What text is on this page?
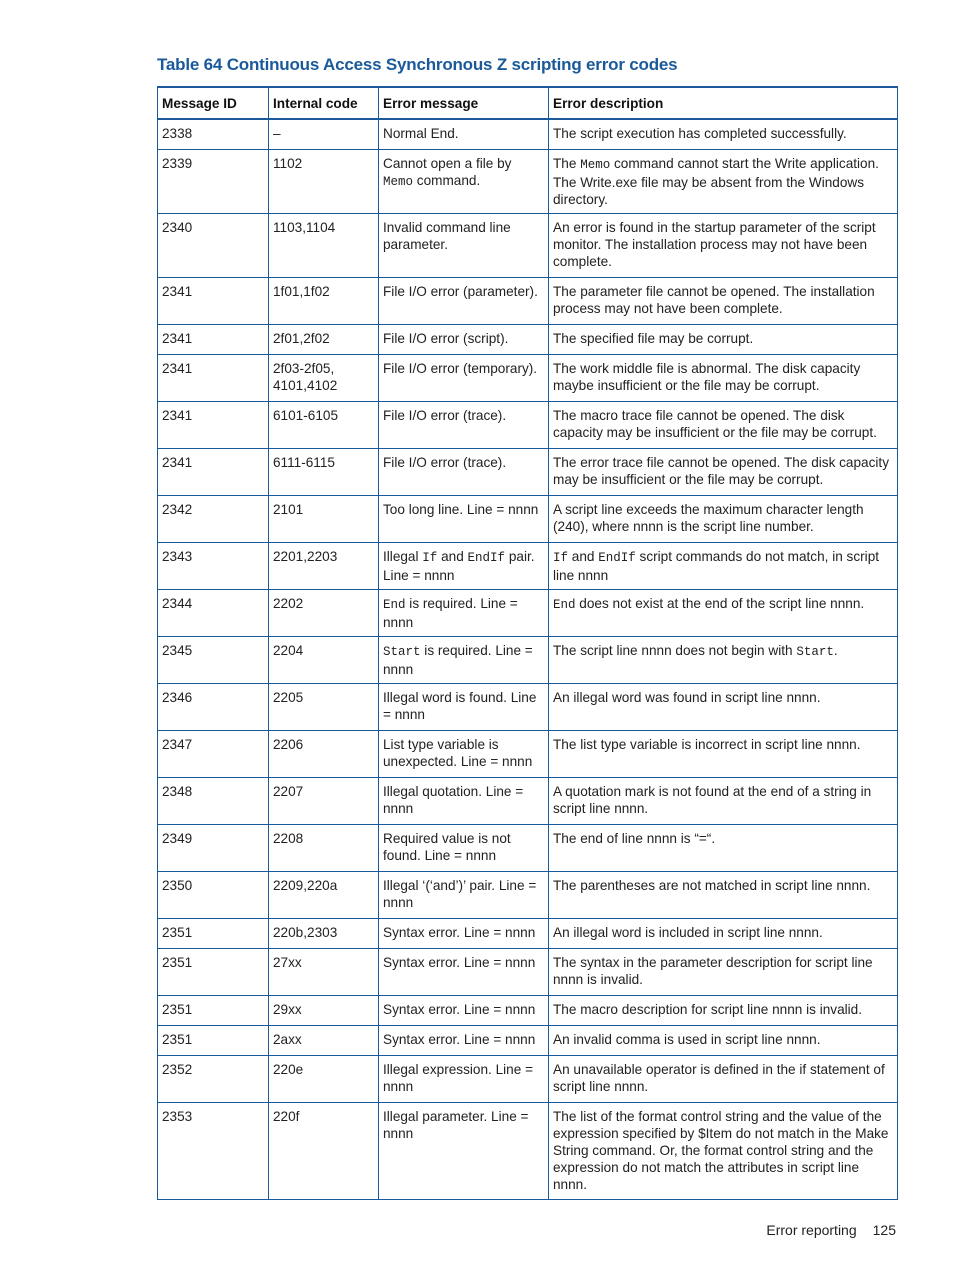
Table 64 Continuous Access Synchronous Z scripting error codes
Message ID	Internal code	Error message	Error description
2338	–	Normal End.	The script execution has completed successfully.
2339	1102	Cannot open a file by Memo command.	The Memo command cannot start the Write application. The Write.exe file may be absent from the Windows directory.
2340	1103,1104	Invalid command line parameter.	An error is found in the startup parameter of the script monitor. The installation process may not have been complete.
2341	1f01,1f02	File I/O error (parameter).	The parameter file cannot be opened. The installation process may not have been complete.
2341	2f01,2f02	File I/O error (script).	The specified file may be corrupt.
2341	2f03-2f05, 4101,4102	File I/O error (temporary).	The work middle file is abnormal. The disk capacity maybe insufficient or the file may be corrupt.
2341	6101-6105	File I/O error (trace).	The macro trace file cannot be opened. The disk capacity may be insufficient or the file may be corrupt.
2341	6111-6115	File I/O error (trace).	The error trace file cannot be opened. The disk capacity may be insufficient or the file may be corrupt.
2342	2101	Too long line. Line = nnnn	A script line exceeds the maximum character length (240), where nnnn is the script line number.
2343	2201,2203	Illegal If and EndIf pair. Line = nnnn	If and EndIf script commands do not match, in script line nnnn
2344	2202	End is required. Line = nnnn	End does not exist at the end of the script line nnnn.
2345	2204	Start is required. Line = nnnn	The script line nnnn does not begin with Start.
2346	2205	Illegal word is found. Line = nnnn	An illegal word was found in script line nnnn.
2347	2206	List type variable is unexpected. Line = nnnn	The list type variable is incorrect in script line nnnn.
2348	2207	Illegal quotation. Line = nnnn	A quotation mark is not found at the end of a string in script line nnnn.
2349	2208	Required value is not found. Line = nnnn	The end of line nnnn is “=“.
2350	2209,220a	Illegal ‘(‘and’)’ pair. Line = nnnn	The parentheses are not matched in script line nnnn.
2351	220b,2303	Syntax error. Line = nnnn	An illegal word is included in script line nnnn.
2351	27xx	Syntax error. Line = nnnn	The syntax in the parameter description for script line nnnn is invalid.
2351	29xx	Syntax error. Line = nnnn	The macro description for script line nnnn is invalid.
2351	2axx	Syntax error. Line = nnnn	An invalid comma is used in script line nnnn.
2352	220e	Illegal expression. Line = nnnn	An unavailable operator is defined in the if statement of script line nnnn.
2353	220f	Illegal parameter. Line = nnnn	The list of the format control string and the value of the expression specified by $Item do not match in the Make String command. Or, the format control string and the expression do not match the attributes in script line nnnn.
Error reporting 125
